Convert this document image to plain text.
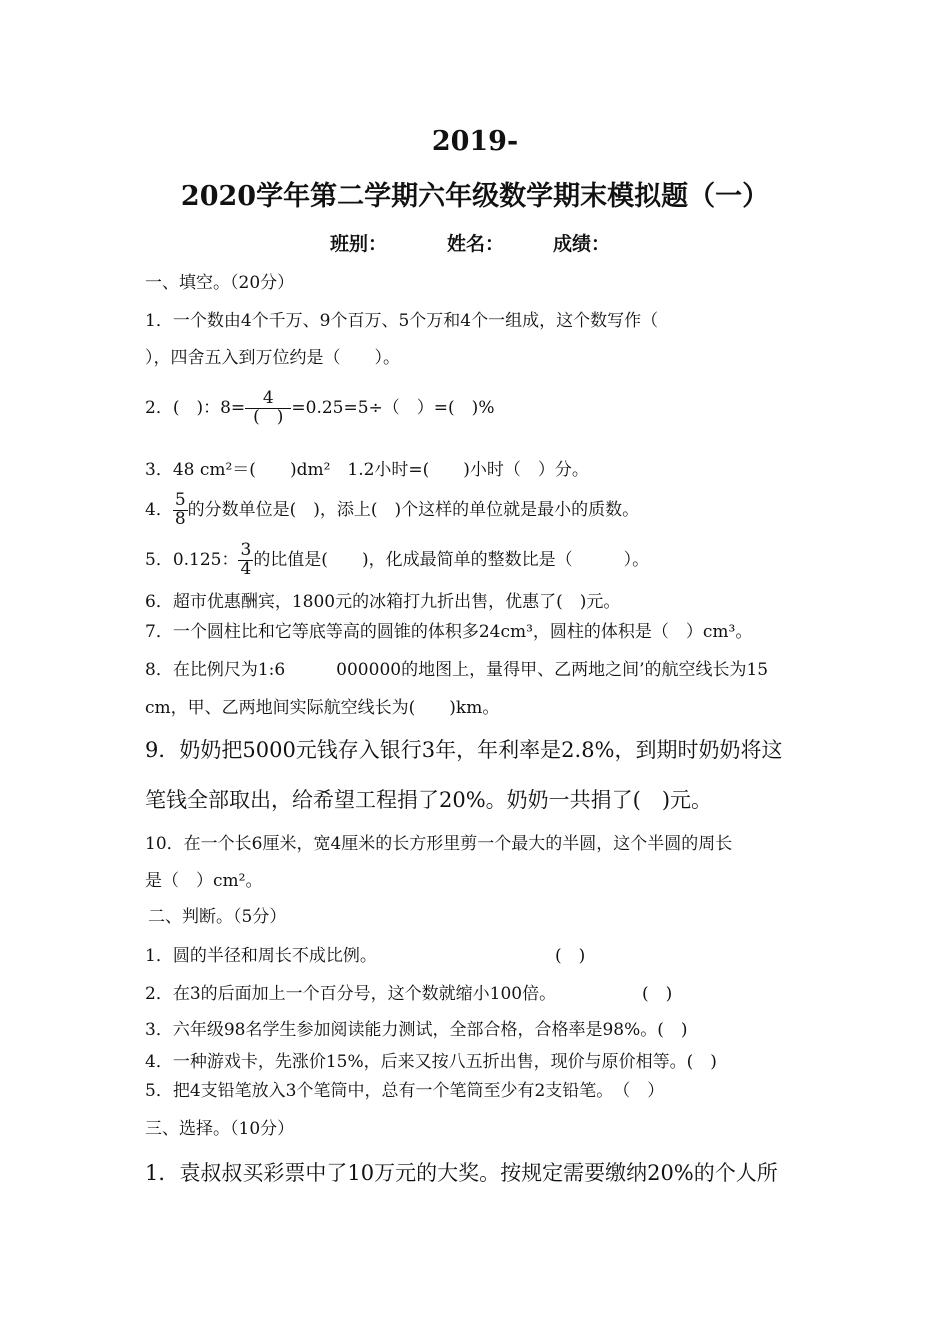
2019-
2020学年第二学期六年级数学期末模拟题（一）
班别：	姓名：	成绩：
一、填空。（20分）
1．一个数由4个千万、9个百万、5个万和4个一组成，这个数写作（
），四舍五入到万位约是（　　）。
2．(　)：$8= \frac{4}{( )} =0.25=5\div$（　）=(　)%
3．48 cm²＝(　　)dm²　1.2小时=(　　)小时（　）分。
4． $\frac{5}{8}$ 的分数单位是(　)，添上(　)个这样的单位就是最小的质数。
5．0.125： $\frac{3}{4}$ 的比值是(　　)，化成最简单的整数比是（　　　）。
6．超市优惠酬宾，1800元的冰箱打九折出售，优惠了(　)元。
7．一个圆柱比和它等底等高的圆锥的体积多24cm³，圆柱的体积是（　）cm³。
8．在比例尺为1:6　　　000000的地图上，量得甲、乙两地之间’的航空线长为15
cm，甲、乙两地间实际航空线长为(　　)km。
9．奶奶把5000元钱存入银行3年，年利率是2.8%，到期时奶奶将这
笔钱全部取出，给希望工程捐了20%。奶奶一共捐了(　)元。
10．在一个长6厘米，宽4厘米的长方形里剪一个最大的半圆，这个半圆的周长
是（　）cm²。
二、判断。（5分）
1．圆的半径和周长不成比例。	(　)
2．在3的后面加上一个百分号，这个数就缩小100倍。	(　)
3．六年级98名学生参加阅读能力测试，全部合格，合格率是98%。(　)
4．一种游戏卡，先涨价15%，后来又按八五折出售，现价与原价相等。(　)
5．把4支铅笔放入3个笔筒中，总有一个笔筒至少有2支铅笔。　（　）
三、选择。（10分）
1．袁叔叔买彩票中了10万元的大奖。按规定需要缴纳20%的个人所
